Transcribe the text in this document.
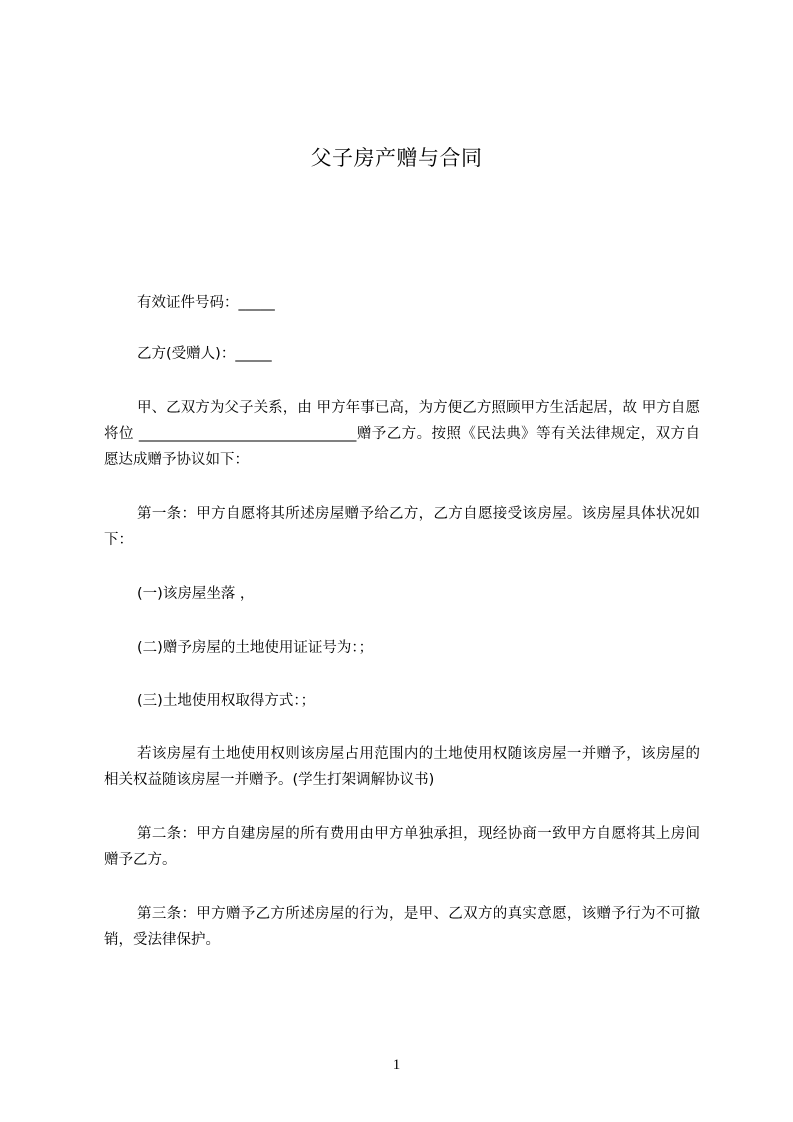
父子房产赠与合同

有效证件号码：_____

乙方(受赠人)：_____

甲、乙双方为父子关系，由 甲方年事已高，为方便乙方照顾甲方生活起居，故 甲方自愿将位 ______________________________赠予乙方。按照《民法典》等有关法律规定，双方自愿达成赠予协议如下：

第一条：甲方自愿将其所述房屋赠予给乙方，乙方自愿接受该房屋。该房屋具体状况如下：

(一)该房屋坐落 ，

(二)赠予房屋的土地使用证证号为：；

(三)土地使用权取得方式：；

若该房屋有土地使用权则该房屋占用范围内的土地使用权随该房屋一并赠予，该房屋的相关权益随该房屋一并赠予。(学生打架调解协议书)

第二条：甲方自建房屋的所有费用由甲方单独承担，现经协商一致甲方自愿将其上房间赠予乙方。

第三条：甲方赠予乙方所述房屋的行为，是甲、乙双方的真实意愿，该赠予行为不可撤销，受法律保护。

1
